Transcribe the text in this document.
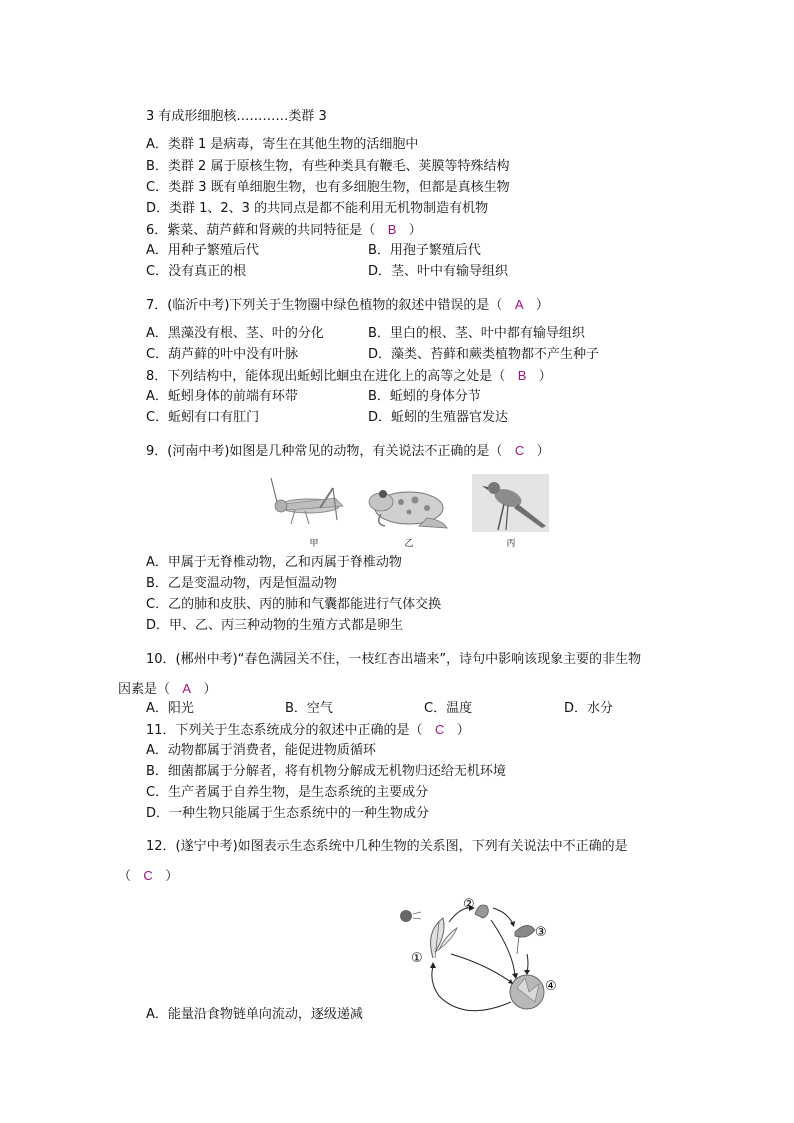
3 有成形细胞核…………类群 3
A．类群 1 是病毒，寄生在其他生物的活细胞中
B．类群 2 属于原核生物，有些种类具有鞭毛、荚膜等特殊结构
C．类群 3 既有单细胞生物，也有多细胞生物，但都是真核生物
D．类群 1、2、3 的共同点是都不能利用无机物制造有机物
6．紫菜、葫芦藓和肾蕨的共同特征是（ B ）
A．用种子繁殖后代	B．用孢子繁殖后代
C．没有真正的根	D．茎、叶中有输导组织
7．(临沂中考)下列关于生物圈中绿色植物的叙述中错误的是（ A ）
A．黑藻没有根、茎、叶的分化	B．里白的根、茎、叶中都有输导组织
C．葫芦藓的叶中没有叶脉	D．藻类、苔藓和蕨类植物都不产生种子
8．下列结构中，能体现出蚯蚓比蛔虫在进化上的高等之处是（ B ）
A．蚯蚓身体的前端有环带	B．蚯蚓的身体分节
C．蚯蚓有口有肛门	D．蚯蚓的生殖器官发达
9．(河南中考)如图是几种常见的动物，有关说法不正确的是（ C ）
甲	乙	丙
A．甲属于无脊椎动物，乙和丙属于脊椎动物
B．乙是变温动物，丙是恒温动物
C．乙的肺和皮肤、丙的肺和气囊都能进行气体交换
D．甲、乙、丙三种动物的生殖方式都是卵生
10．(郴州中考)“春色满园关不住，一枝红杏出墙来”，诗句中影响该现象主要的非生物
因素是（ A ）
A．阳光	B．空气	C．温度	D．水分
11．下列关于生态系统成分的叙述中正确的是（ C ）
A．动物都属于消费者，能促进物质循环
B．细菌都属于分解者，将有机物分解成无机物归还给无机环境
C．生产者属于自养生物，是生态系统的主要成分
D．一种生物只能属于生态系统中的一种生物成分
12．(遂宁中考)如图表示生态系统中几种生物的关系图，下列有关说法中不正确的是
（ C ）
①
②
③
④
A．能量沿食物链单向流动，逐级递减
